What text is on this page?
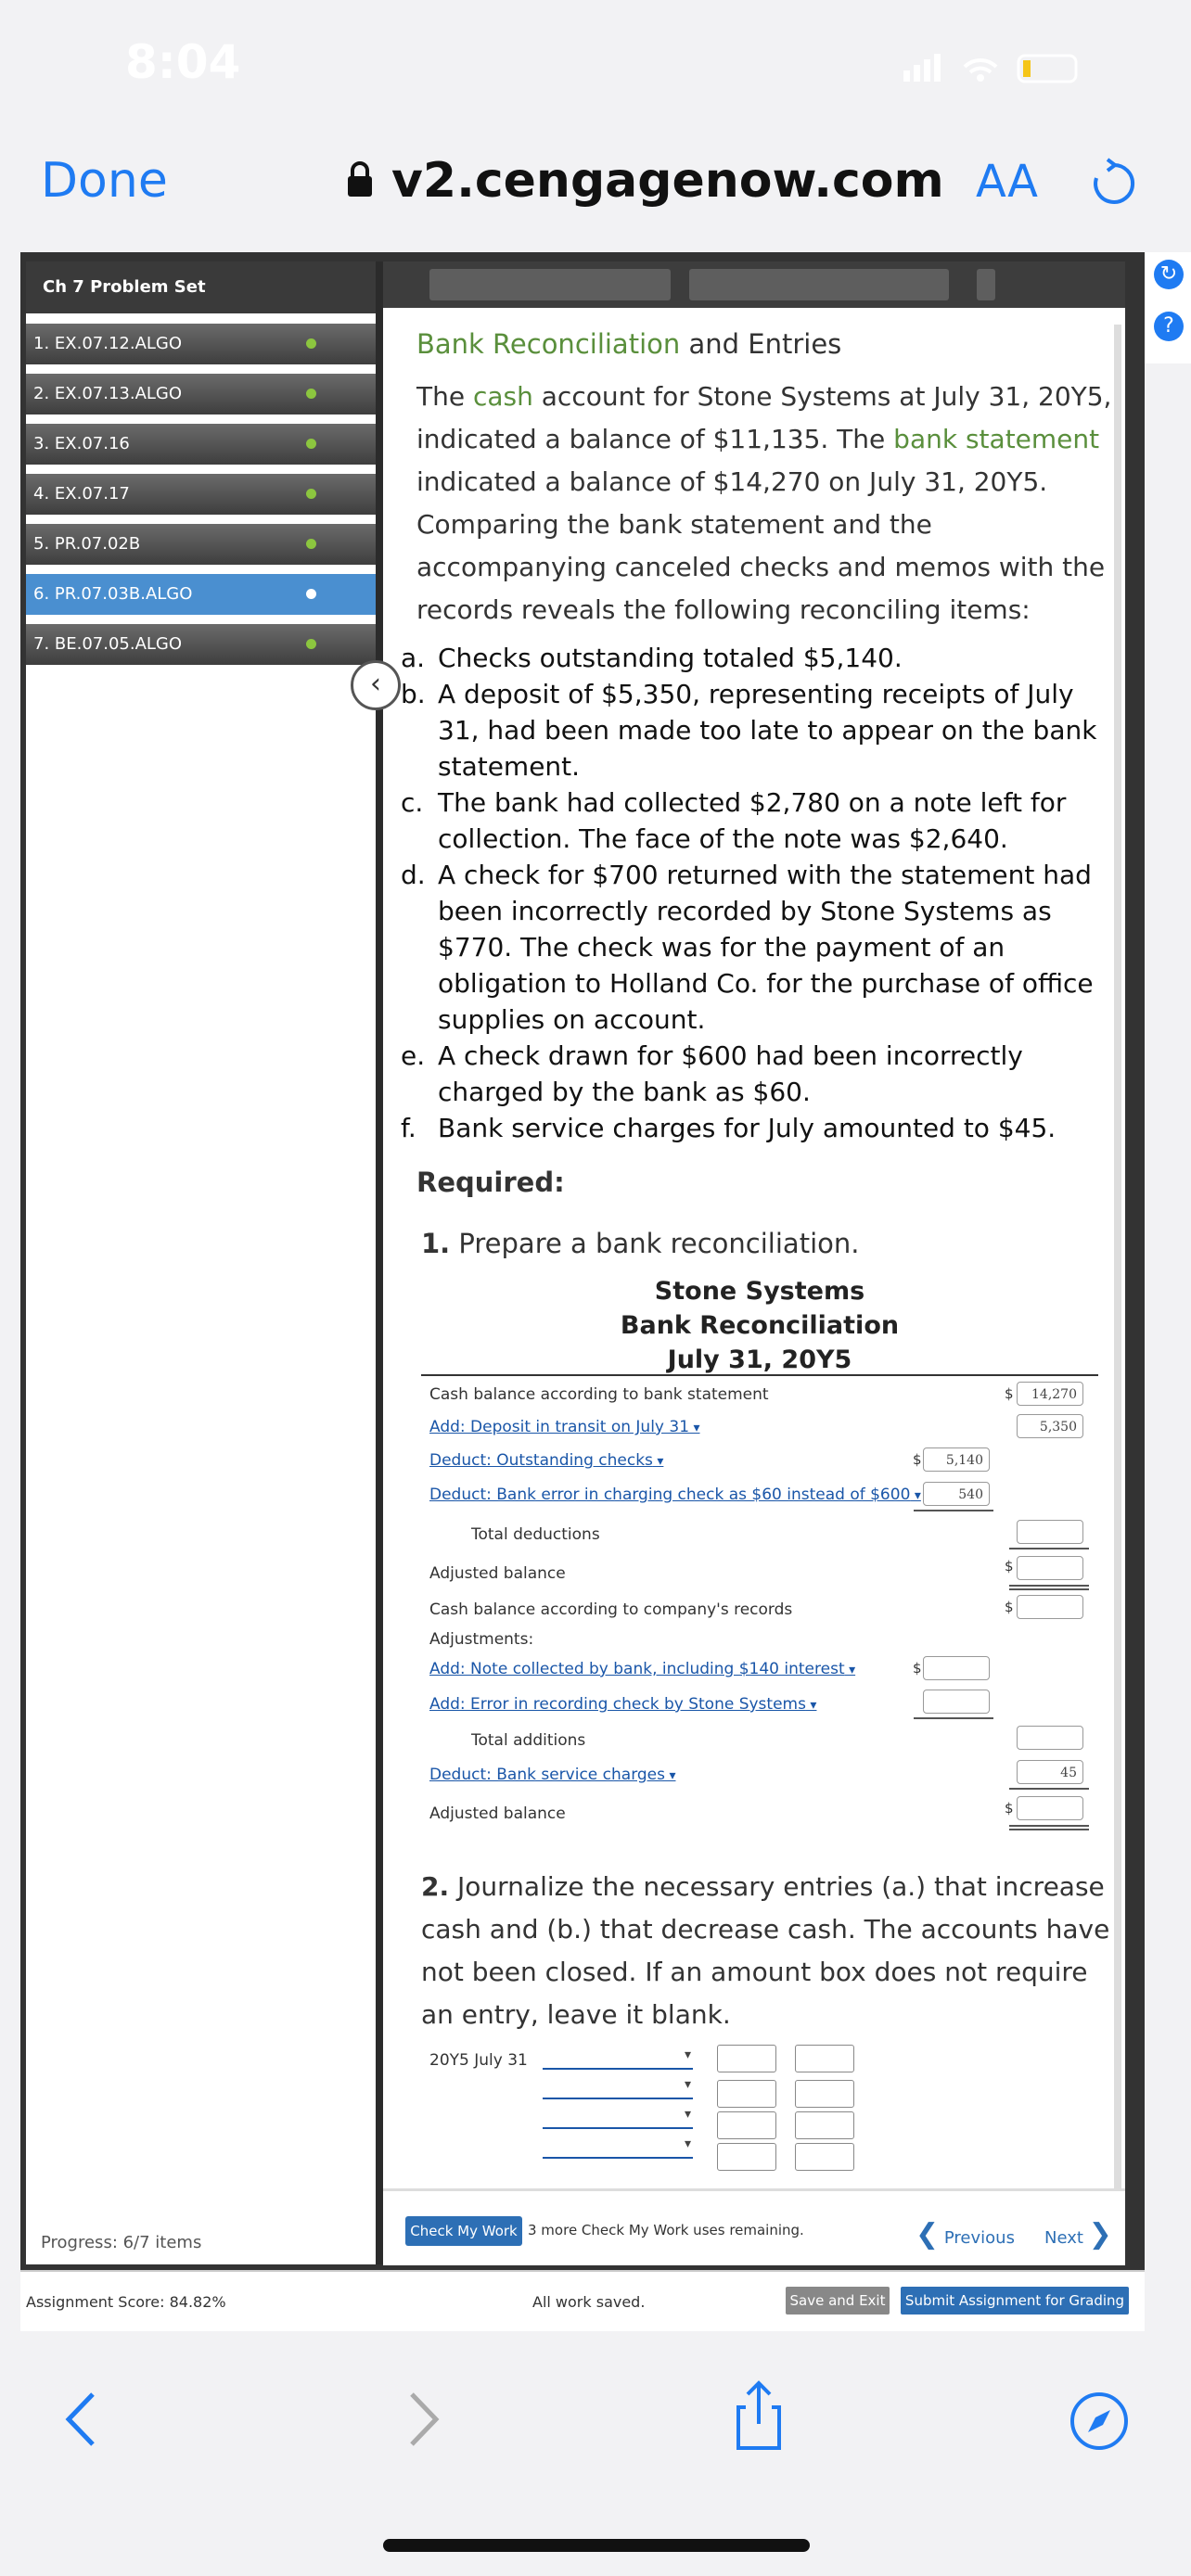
8:04
Done	v2.cengagenow.com AA
Ch 7 Problem Set
1. EX.07.12.ALGO
2. EX.07.13.ALGO
3. EX.07.16
4. EX.07.17
5. PR.07.02B
6. PR.07.03B.ALGO
7. BE.07.05.ALGO
Progress: 6/7 items
↻
?
‹
Bank Reconciliation and Entries
The cash account for Stone Systems at July 31, 20Y5, indicated a balance of $11,135. The bank statement indicated a balance of $14,270 on July 31, 20Y5. Comparing the bank statement and the accompanying canceled checks and memos with the records reveals the following reconciling items:
a. Checks outstanding totaled $5,140.
b. A deposit of $5,350, representing receipts of July 31, had been made too late to appear on the bank statement.
c. The bank had collected $2,780 on a note left for collection. The face of the note was $2,640.
d. A check for $700 returned with the statement had been incorrectly recorded by Stone Systems as $770. The check was for the payment of an obligation to Holland Co. for the purchase of office supplies on account.
e. A check drawn for $600 had been incorrectly charged by the bank as $60.
f. Bank service charges for July amounted to $45.
Required:
1. Prepare a bank reconciliation.
Stone Systems
Bank Reconciliation
July 31, 20Y5
Cash balance according to bank statement	$	14,270
Add: Deposit in transit on July 31 ▾	5,350
Deduct: Outstanding checks ▾	$	5,140
Deduct: Bank error in charging check as $60 instead of $600 ▾	540
Total deductions
Adjusted balance	$
Cash balance according to company's records	$
Adjustments:
Add: Note collected by bank, including $140 interest ▾	$
Add: Error in recording check by Stone Systems ▾
Total additions
Deduct: Bank service charges ▾	45
Adjusted balance	$
2. Journalize the necessary entries (a.) that increase cash and (b.) that decrease cash. The accounts have not been closed. If an amount box does not require an entry, leave it blank.
20Y5 July 31
▾
▾
▾
▾
Check My Work 3 more Check My Work uses remaining.	❮ Previous Next ❯
Assignment Score: 84.82%	All work saved.	Save and Exit	Submit Assignment for Grading
